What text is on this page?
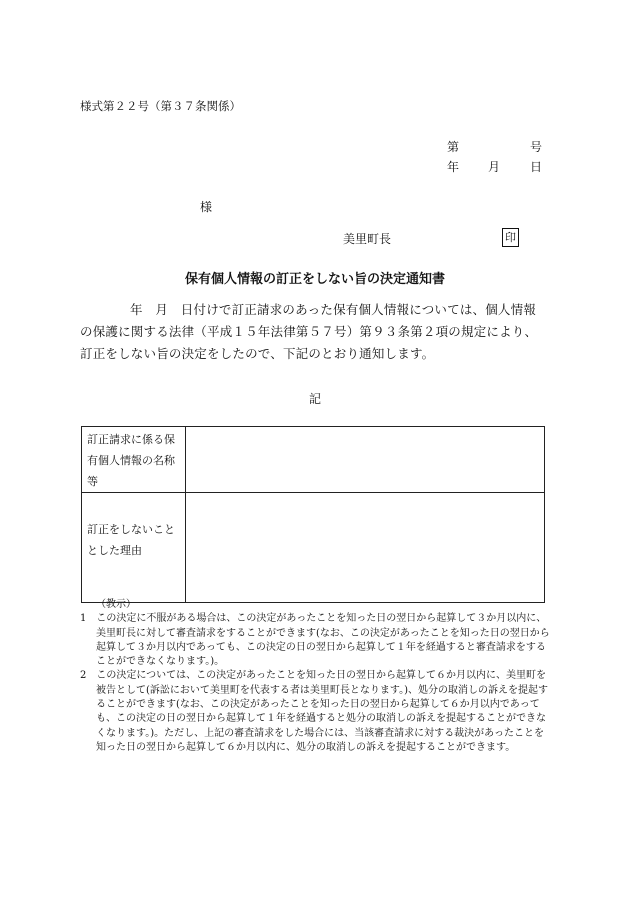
様式第２２号（第３７条関係）
第	号
年 月 日
様
美里町長	印
保有個人情報の訂正をしない旨の決定通知書
年　月　日付けで訂正請求のあった保有個人情報については、個人情報の保護に関する法律（平成１５年法律第５７号）第９３条第２項の規定により、訂正をしない旨の決定をしたので、下記のとおり通知します。
記
訂正請求に係る保有個人情報の名称等	

訂正をしないこととした理由	

（教示）
1　この決定に不服がある場合は、この決定があったことを知った日の翌日から起算して３か月以内に、美里町長に対して審査請求をすることができます(なお、この決定があったことを知った日の翌日から起算して３か月以内であっても、この決定の日の翌日から起算して１年を経過すると審査請求をすることができなくなります。)。
2　この決定については、この決定があったことを知った日の翌日から起算して６か月以内に、美里町を被告として(訴訟において美里町を代表する者は美里町長となります。)、処分の取消しの訴えを提起することができます(なお、この決定があったことを知った日の翌日から起算して６か月以内であっても、この決定の日の翌日から起算して１年を経過すると処分の取消しの訴えを提起することができなくなります。)。ただし、上記の審査請求をした場合には、当該審査請求に対する裁決があったことを知った日の翌日から起算して６か月以内に、処分の取消しの訴えを提起することができます。
